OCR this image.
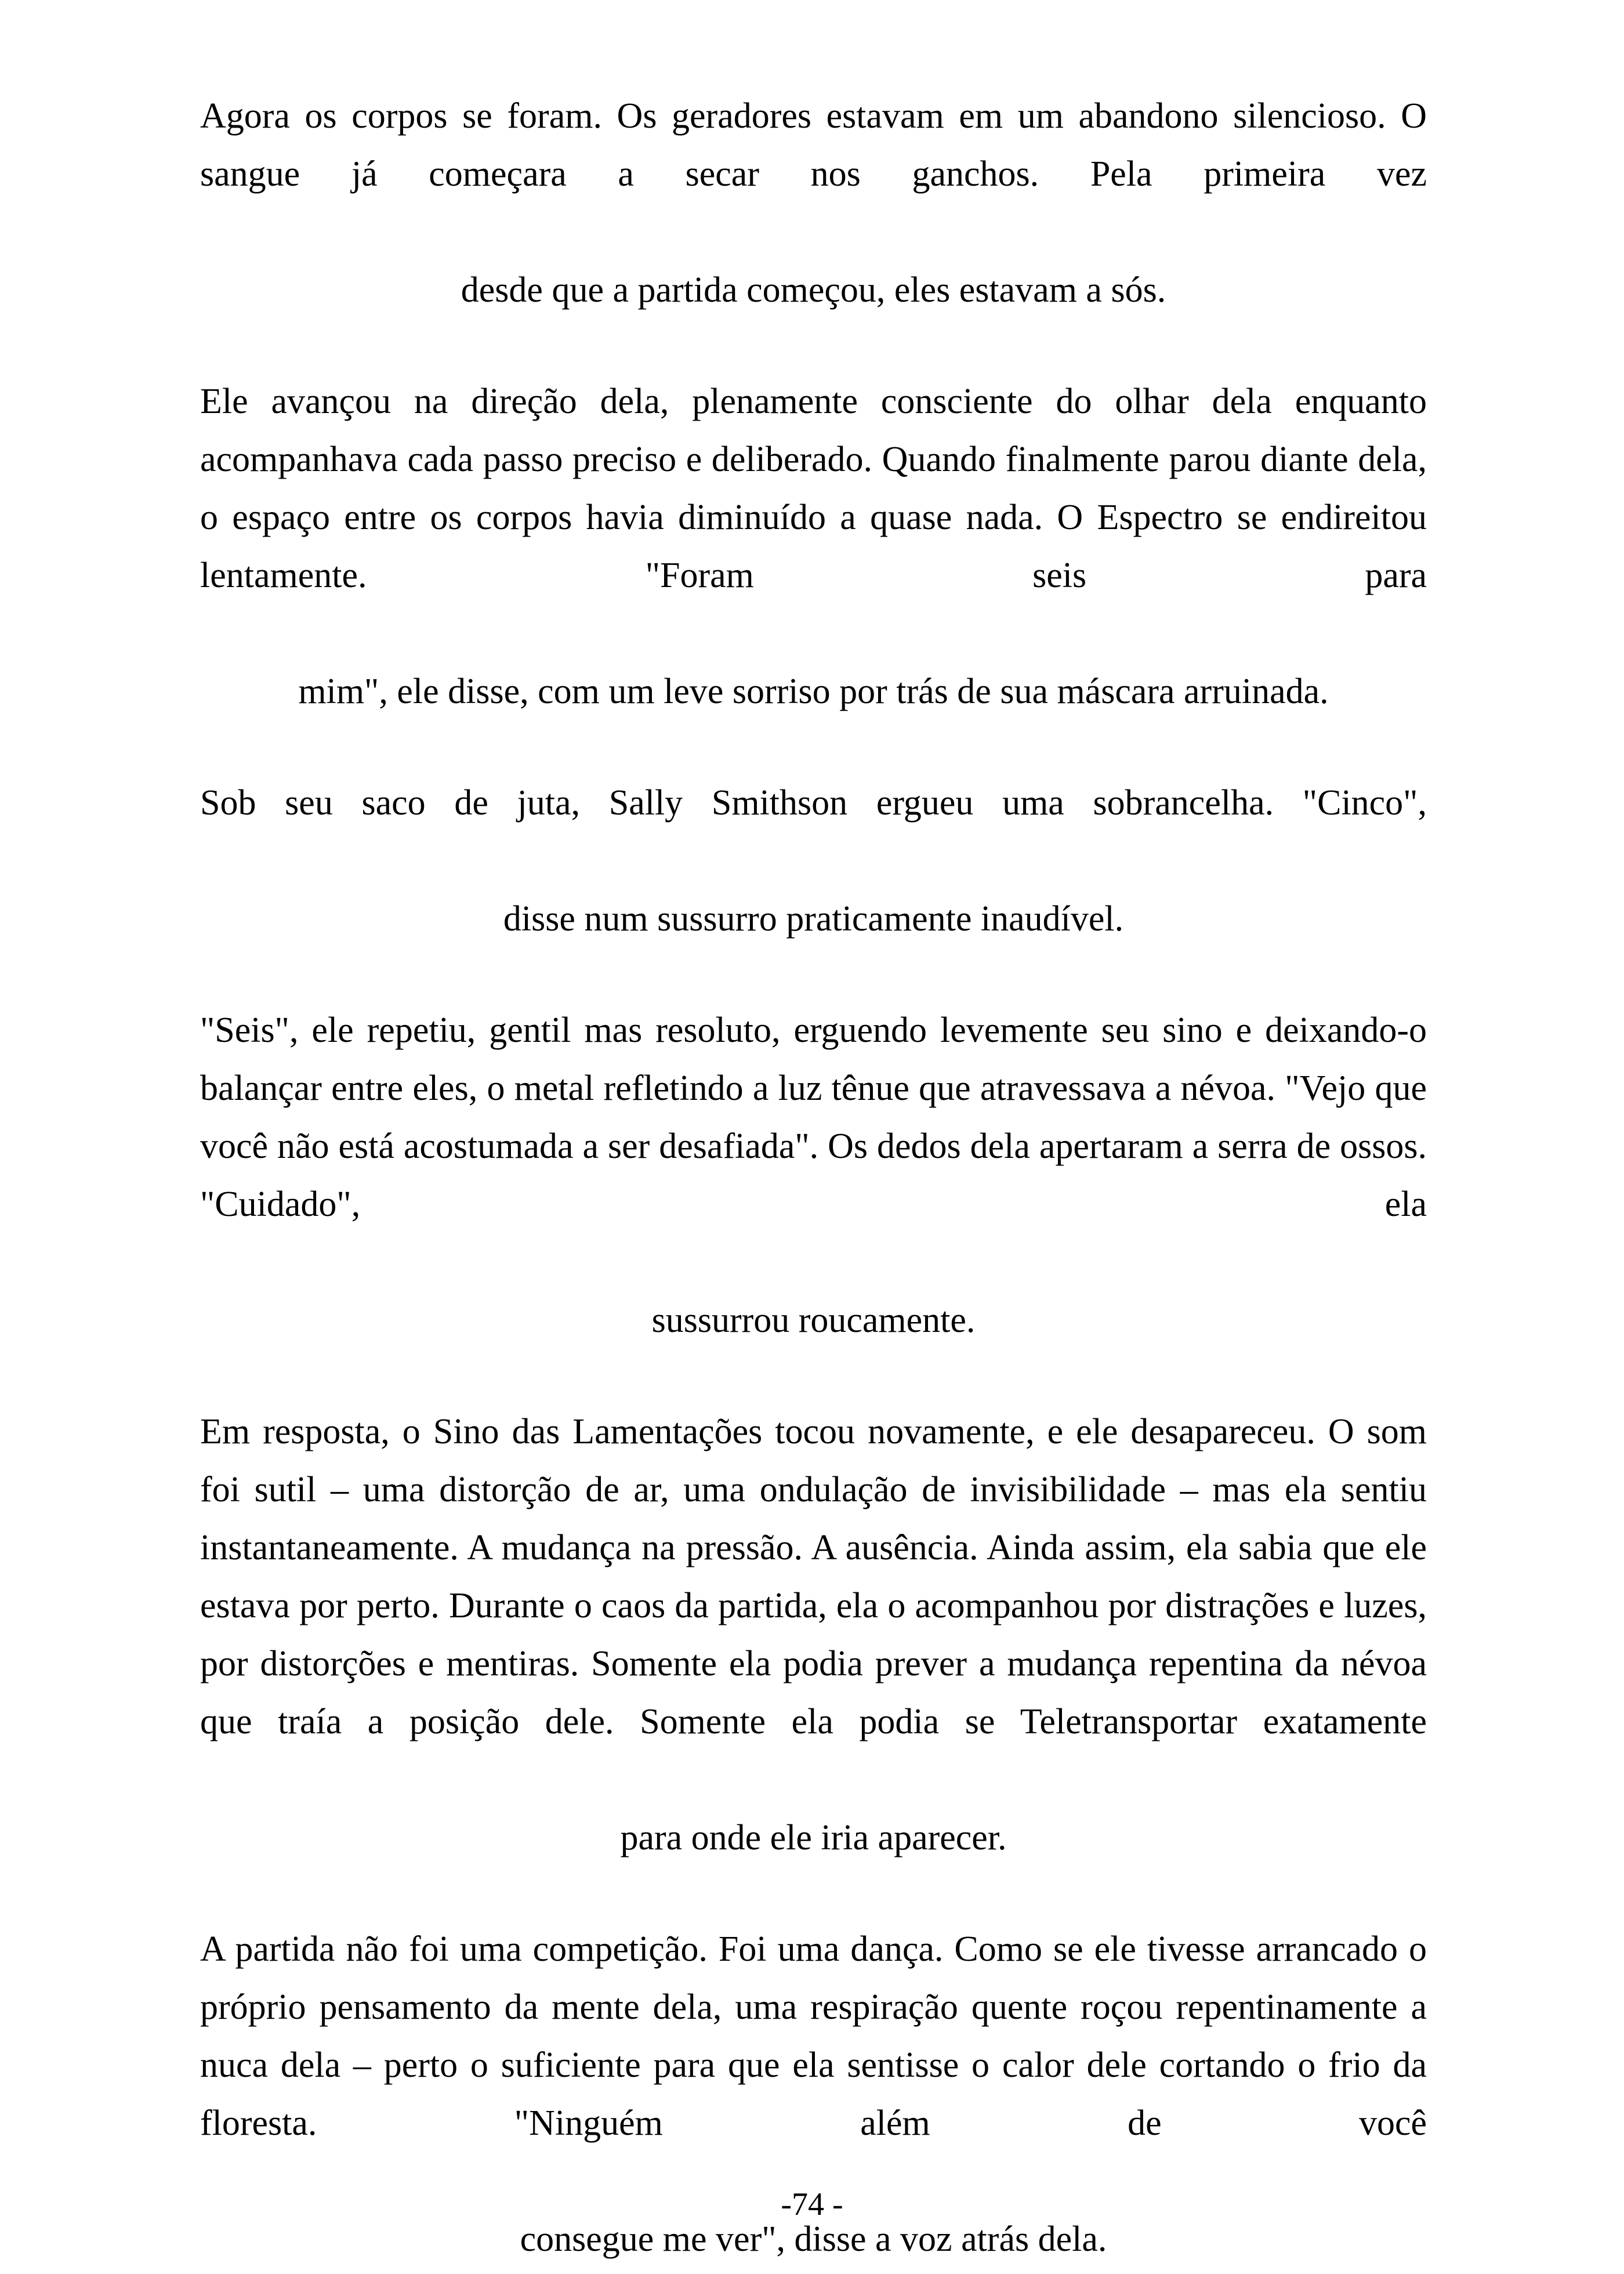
Agora os corpos se foram. Os geradores estavam em um abandono silencioso. O sangue já começara a secar nos ganchos. Pela primeira vez
desde que a partida começou, eles estavam a sós.

Ele avançou na direção dela, plenamente consciente do olhar dela enquanto acompanhava cada passo preciso e deliberado. Quando finalmente parou diante dela, o espaço entre os corpos havia diminuído a quase nada. O Espectro se endireitou lentamente. "Foram seis para
mim", ele disse, com um leve sorriso por trás de sua máscara arruinada.

Sob seu saco de juta, Sally Smithson ergueu uma sobrancelha. "Cinco",
disse num sussurro praticamente inaudível.

"Seis", ele repetiu, gentil mas resoluto, erguendo levemente seu sino e deixando-o balançar entre eles, o metal refletindo a luz tênue que atravessava a névoa. "Vejo que você não está acostumada a ser desafiada". Os dedos dela apertaram a serra de ossos. "Cuidado", ela
sussurrou roucamente.

Em resposta, o Sino das Lamentações tocou novamente, e ele desapareceu. O som foi sutil – uma distorção de ar, uma ondulação de invisibilidade – mas ela sentiu instantaneamente. A mudança na pressão. A ausência. Ainda assim, ela sabia que ele estava por perto. Durante o caos da partida, ela o acompanhou por distrações e luzes, por distorções e mentiras. Somente ela podia prever a mudança repentina da névoa que traía a posição dele. Somente ela podia se Teletransportar exatamente
para onde ele iria aparecer.

A partida não foi uma competição. Foi uma dança. Como se ele tivesse arrancado o próprio pensamento da mente dela, uma respiração quente roçou repentinamente a nuca dela – perto o suficiente para que ela sentisse o calor dele cortando o frio da floresta. "Ninguém além de você
consegue me ver", disse a voz atrás dela.

-74 -
